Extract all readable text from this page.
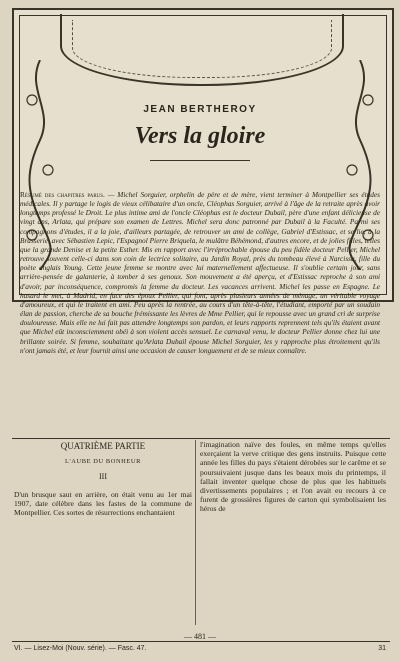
JEAN BERTHEROY
Vers la gloire
Résumé des chapitres parus. — Michel Sorguier, orphelin de père et de mère, vient terminer à Montpellier ses études médicales. Il y partage le logis de vieux célibataire d'un oncle, Cléophas Sorguier, arrivé à l'âge de la retraite après avoir longtemps professé le Droit. Le plus intime ami de l'oncle Cléophas est le docteur Dubail, père d'une enfant délicieuse de vingt ans, Arlata, qui prépare son examen de Lettres. Michel sera donc patronné par Dubail à la Faculté. Parmi ses compagnons d'études, il a la joie, d'ailleurs partagée, de retrouver un ami de collège, Gabriel d'Estissac, et se lie, à la Brasserie, avec Sébastien Lepic, l'Espagnol Pierre Briquela, le mulâtre Béhémond, d'autres encore, et de jolies filles, telles que la grande Denise et la petite Esther. Mis en rapport avec l'irréprochable épouse du peu fidèle docteur Pellier, Michel retrouve souvent celle-ci dans son coin de lectrice solitaire, au Jardin Royal, près du tombeau élevé à Narcissa, fille du poète anglais Young. Cette jeune femme se montre avec lui maternellement affectueuse. Il s'oublie certain jour, sans arrière-pensée de galanterie, à tomber à ses genoux. Son mouvement a été aperçu, et d'Estissac reproche à son ami d'avoir, par inconséquence, compromis la femme du docteur. Les vacances arrivent. Michel les passe en Espagne. Le hasard le met, à Madrid, en face des époux Pellier, qui font, après plusieurs années de ménage, un véritable voyage d'amoureux, et qui le traitent en ami. Peu après la rentrée, au cours d'un tête-à-tête, l'étudiant, emporté par un soudain élan de passion, cherche de sa bouche frémissante les lèvres de Mme Pellier, qui le repousse avec un grand cri de surprise douloureuse. Mais elle ne lui fait pas attendre longtemps son pardon, et leurs rapports reprennent tels qu'ils étaient avant que Michel eût inconsciemment obéi à son violent accès sensuel. Le carnaval venu, le docteur Pellier donne chez lui une brillante soirée. Si femme, souhaitant qu'Arlata Dubail épouse Michel Sorguier, les y rapproche plus étroitement qu'ils n'ont jamais été, et leur fournit ainsi une occasion de causer longuement et de se mieux connaître.
QUATRIÈME PARTIE
L'AUBE DU BONHEUR
III
D'un brusque saut en arrière, on était venu au 1er mai 1907, date célèbre dans les fastes de la commune de Montpellier. Ces sortes de résurrections enchantaient
l'imagination naïve des foules, en même temps qu'elles exerçaient la verve critique des gens instruits. Puisque cette année les filles du pays s'étaient dérobées sur le carême et se poursuivaient jusque dans les beaux mois du printemps, il fallait inventer quelque chose de plus que les habituels divertissements populaires ; et l'on avait eu recours à ce furent de grossières figures de carton qui symbolisaient les héros de
— 481 —
VI. — Lisez-Moi (Nouv. série). — Fasc. 47.	31
